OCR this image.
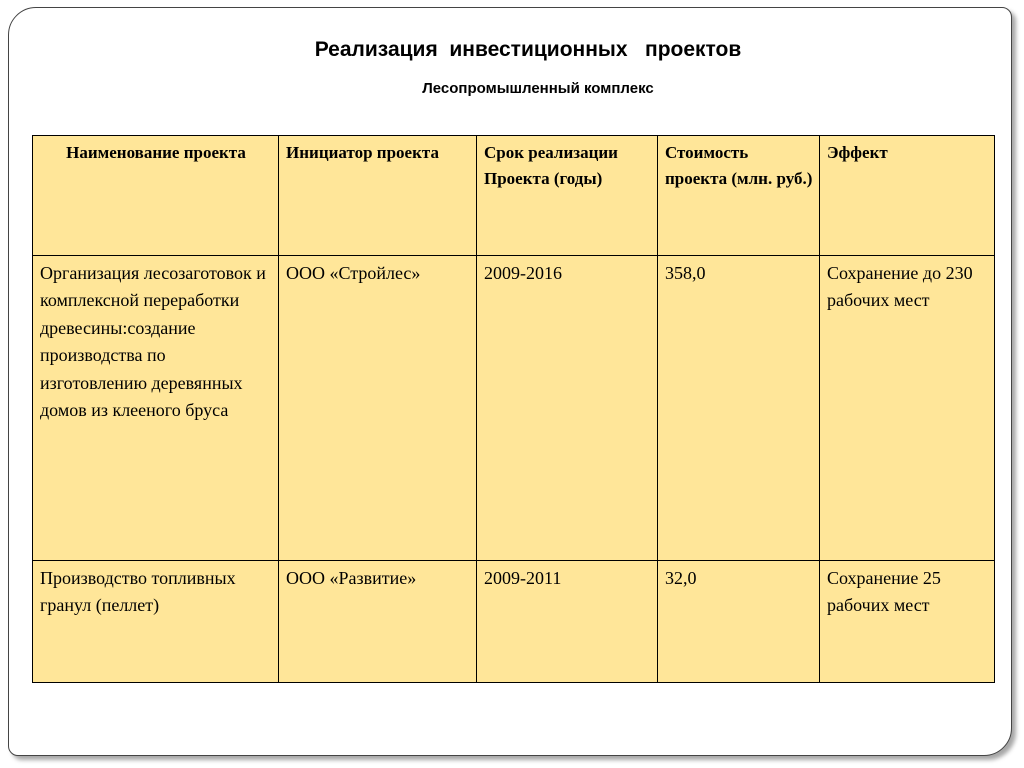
Реализация  инвестиционных   проектов
Лесопромышленный комплекс
Наименование проекта	Инициатор проекта	Срок реализации Проекта (годы)	Стоимость проекта (млн. руб.)	Эффект
Организация лесозаготовок и комплексной переработки древесины:создание производства по изготовлению деревянных домов из клееного бруса	ООО «Стройлес»	2009-2016	358,0	Сохранение до 230 рабочих мест
Производство топливных гранул (пеллет)	ООО «Развитие»	2009-2011	32,0	Сохранение 25 рабочих мест
